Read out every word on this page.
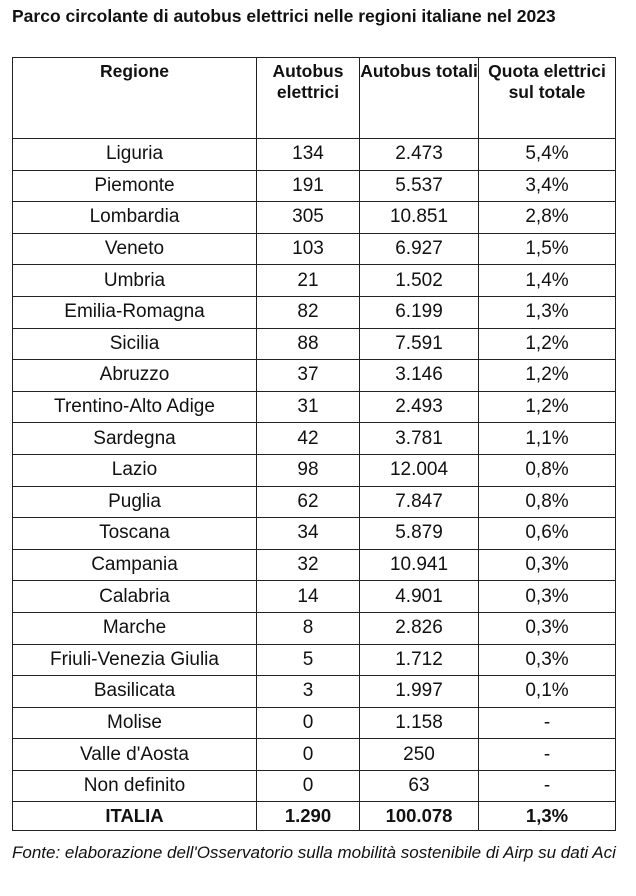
Parco circolante di autobus elettrici nelle regioni italiane nel 2023
Regione	Autobus elettrici	Autobus totali	Quota elettrici sul totale
Liguria	134	2.473	5,4%
Piemonte	191	5.537	3,4%
Lombardia	305	10.851	2,8%
Veneto	103	6.927	1,5%
Umbria	21	1.502	1,4%
Emilia-Romagna	82	6.199	1,3%
Sicilia	88	7.591	1,2%
Abruzzo	37	3.146	1,2%
Trentino-Alto Adige	31	2.493	1,2%
Sardegna	42	3.781	1,1%
Lazio	98	12.004	0,8%
Puglia	62	7.847	0,8%
Toscana	34	5.879	0,6%
Campania	32	10.941	0,3%
Calabria	14	4.901	0,3%
Marche	8	2.826	0,3%
Friuli-Venezia Giulia	5	1.712	0,3%
Basilicata	3	1.997	0,1%
Molise	0	1.158	-
Valle d'Aosta	0	250	-
Non definito	0	63	-
ITALIA	1.290	100.078	1,3%

Fonte: elaborazione dell'Osservatorio sulla mobilità sostenibile di Airp su dati Aci
